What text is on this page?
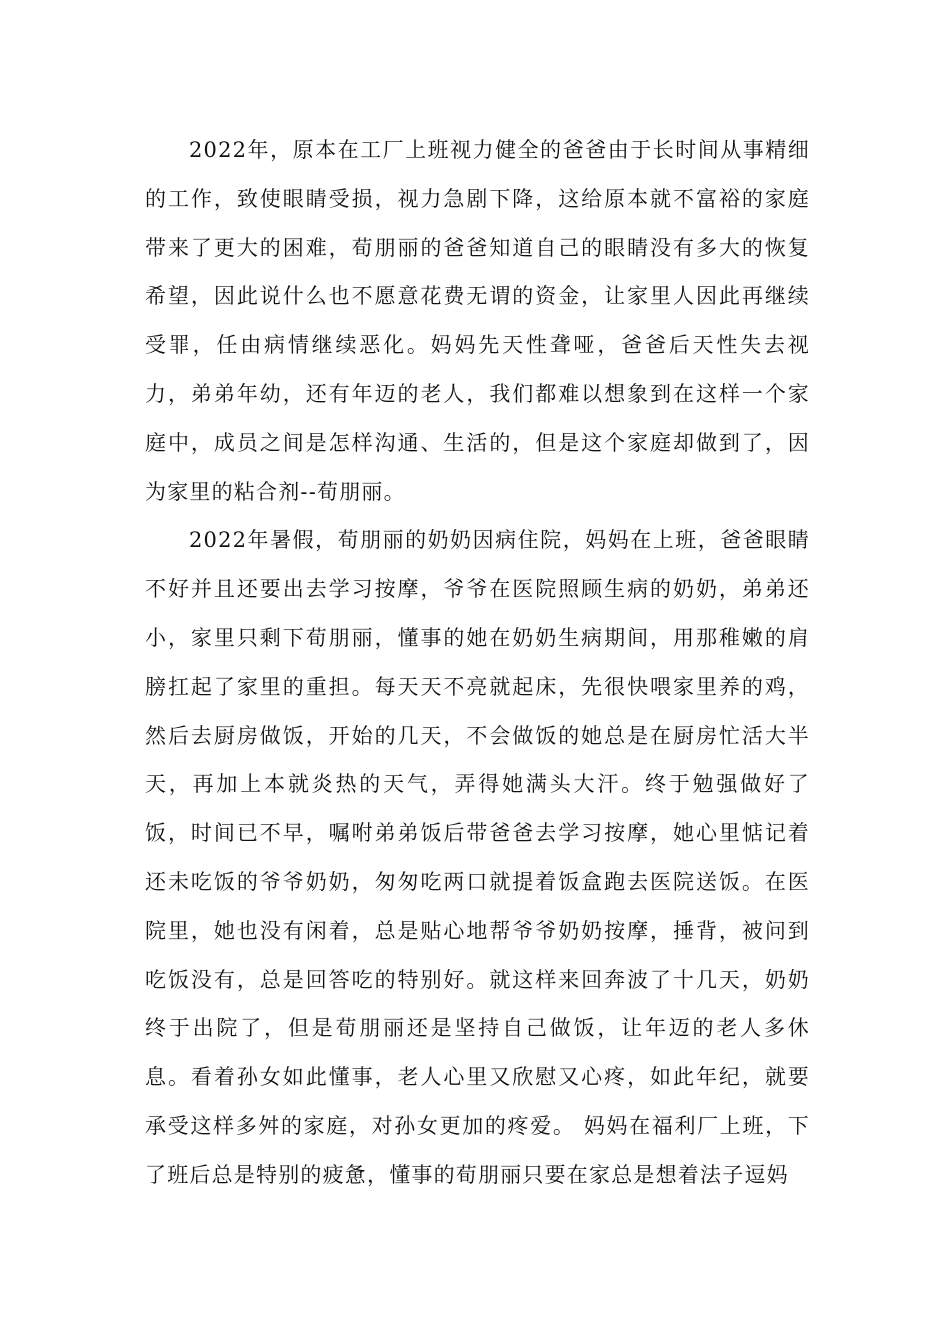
2022年，原本在工厂上班视力健全的爸爸由于长时间从事精细的工作，致使眼睛受损，视力急剧下降，这给原本就不富裕的家庭带来了更大的困难，荀朋丽的爸爸知道自己的眼睛没有多大的恢复希望，因此说什么也不愿意花费无谓的资金，让家里人因此再继续受罪，任由病情继续恶化。妈妈先天性聋哑，爸爸后天性失去视力，弟弟年幼，还有年迈的老人，我们都难以想象到在这样一个家庭中，成员之间是怎样沟通、生活的，但是这个家庭却做到了，因为家里的粘合剂--荀朋丽。

2022年暑假，荀朋丽的奶奶因病住院，妈妈在上班，爸爸眼睛不好并且还要出去学习按摩，爷爷在医院照顾生病的奶奶，弟弟还小，家里只剩下荀朋丽，懂事的她在奶奶生病期间，用那稚嫩的肩膀扛起了家里的重担。每天天不亮就起床，先很快喂家里养的鸡，然后去厨房做饭，开始的几天，不会做饭的她总是在厨房忙活大半天，再加上本就炎热的天气，弄得她满头大汗。终于勉强做好了饭，时间已不早，嘱咐弟弟饭后带爸爸去学习按摩，她心里惦记着还未吃饭的爷爷奶奶，匆匆吃两口就提着饭盒跑去医院送饭。在医院里，她也没有闲着，总是贴心地帮爷爷奶奶按摩，捶背，被问到吃饭没有，总是回答吃的特别好。就这样来回奔波了十几天，奶奶终于出院了，但是荀朋丽还是坚持自己做饭，让年迈的老人多休息。看着孙女如此懂事，老人心里又欣慰又心疼，如此年纪，就要承受这样多舛的家庭，对孙女更加的疼爱。 妈妈在福利厂上班，下了班后总是特别的疲惫，懂事的荀朋丽只要在家总是想着法子逗妈
